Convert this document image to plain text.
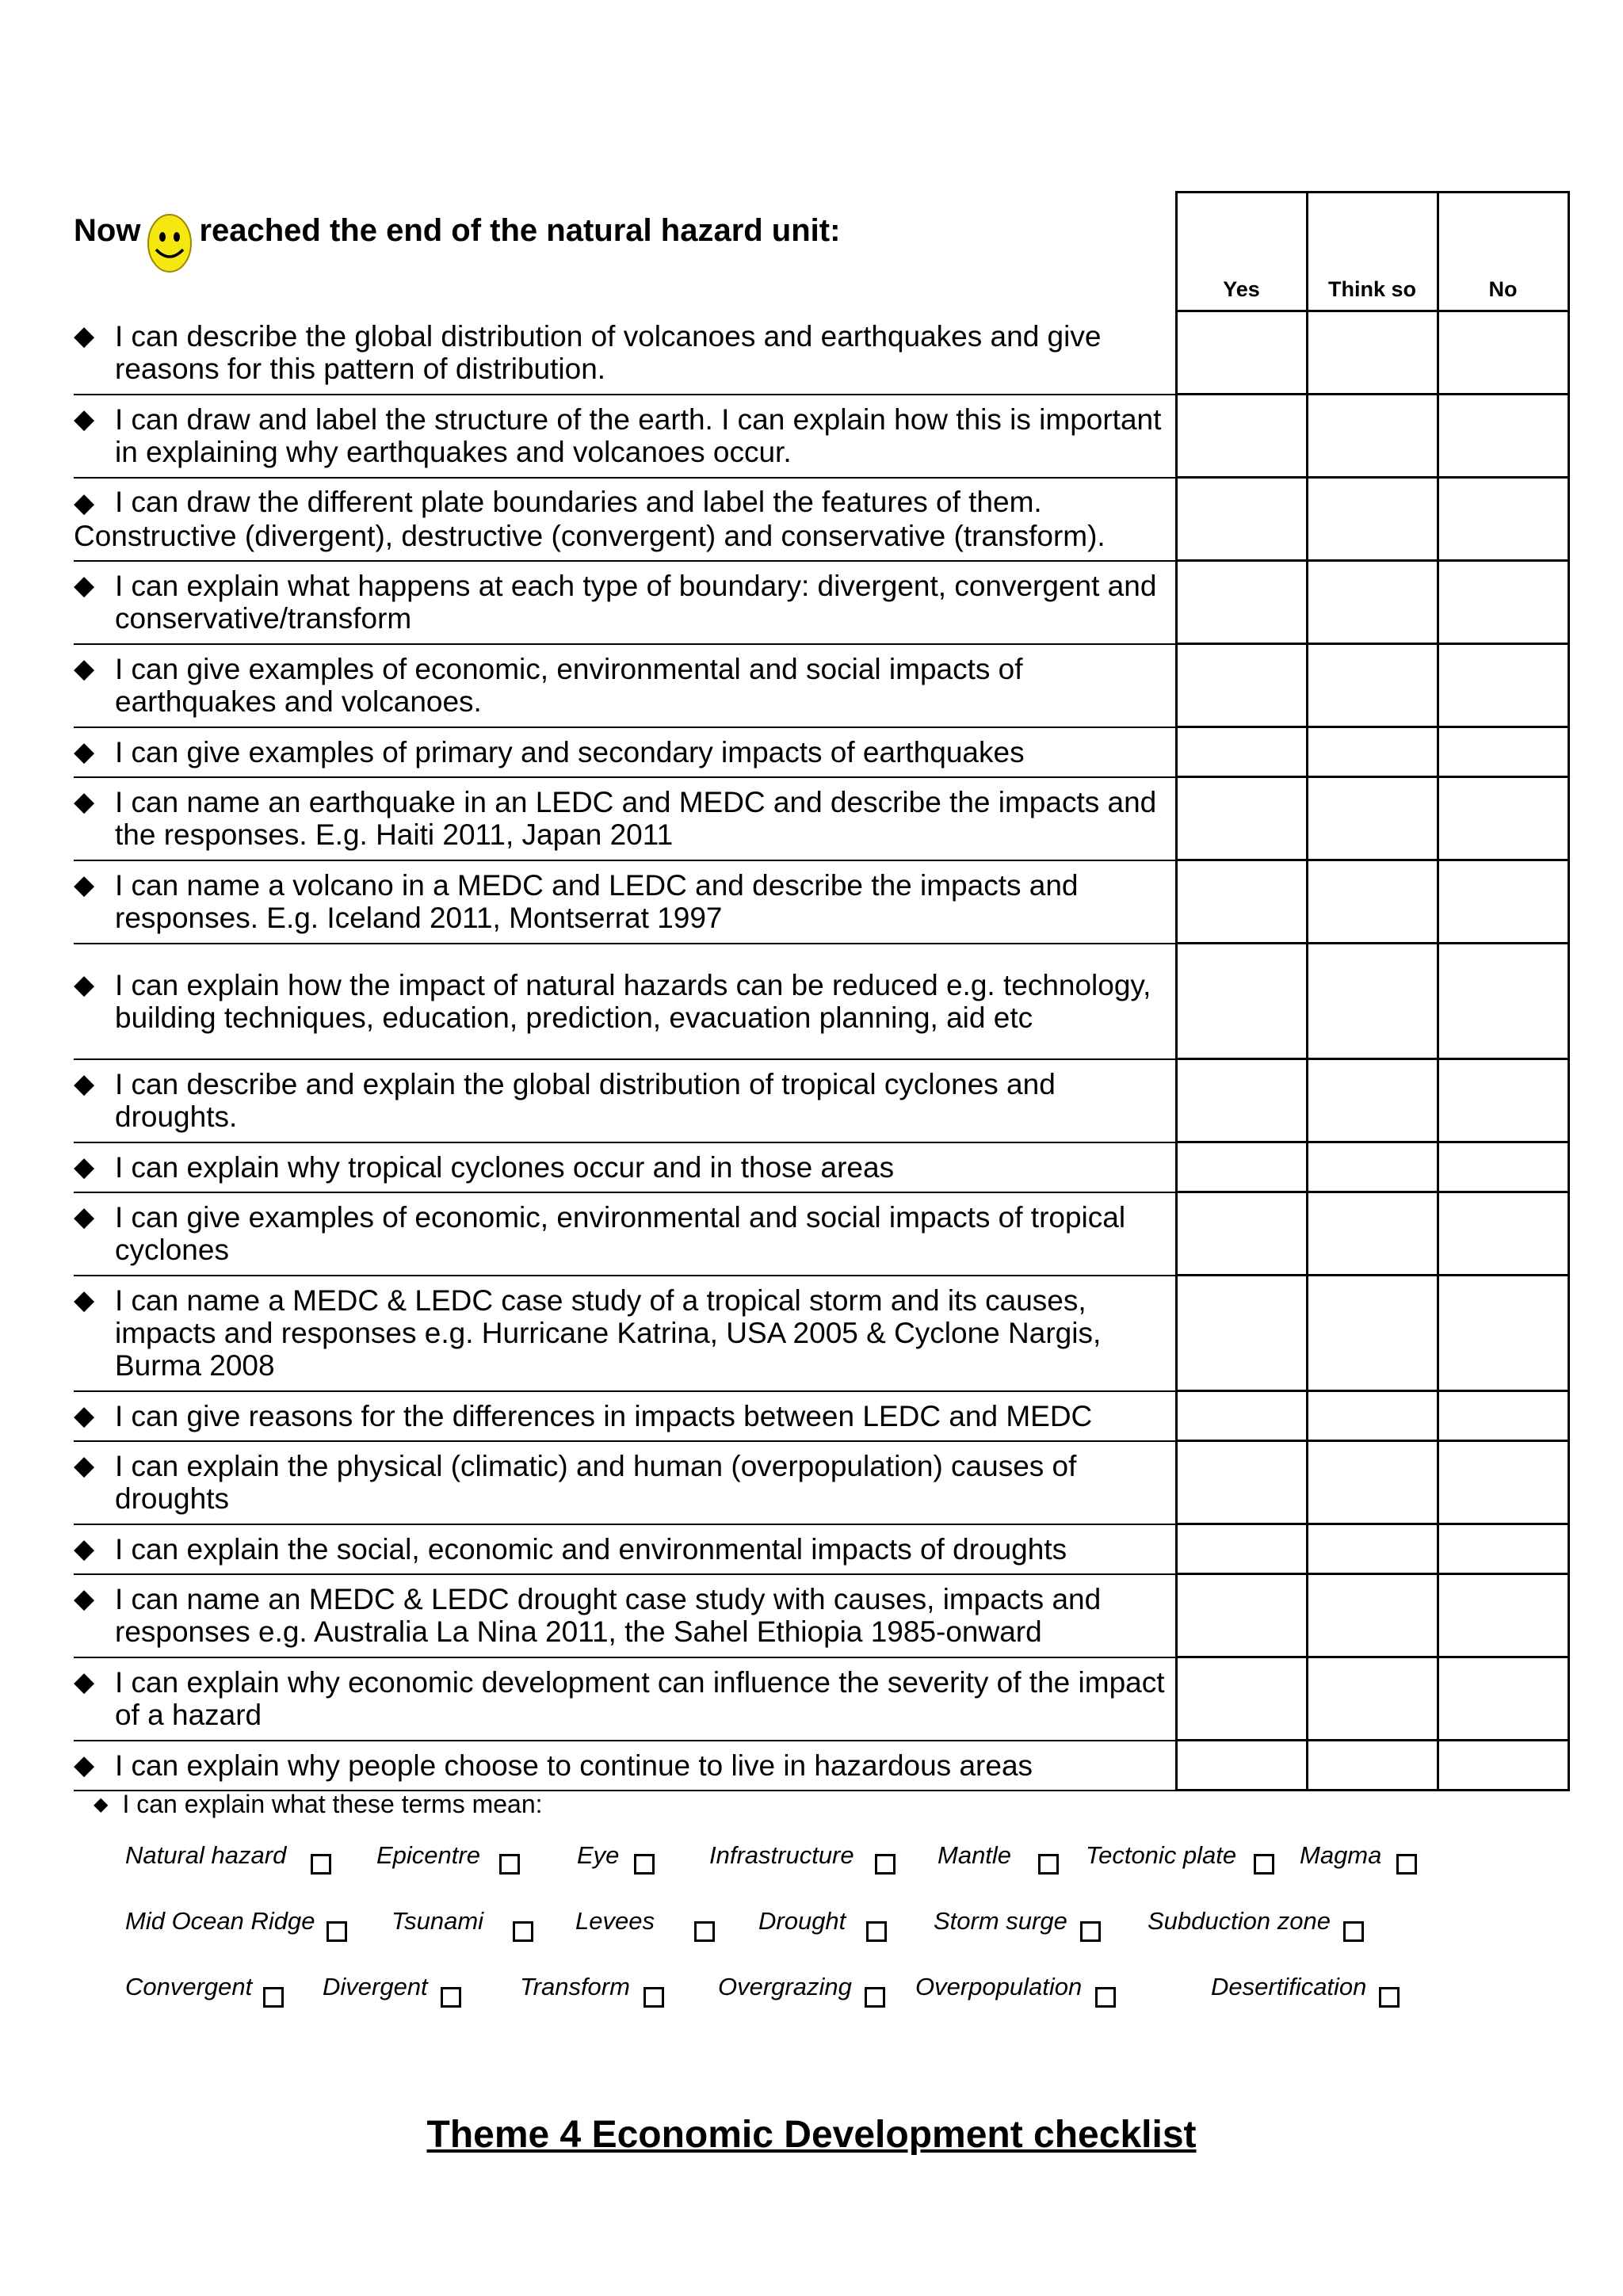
Now reached the end of the natural hazard unit:	Yes	Think so	No

◆ I can describe the global distribution of volcanoes and earthquakes and give reasons for this pattern of distribution.			

◆ I can draw and label the structure of the earth. I can explain how this is important in explaining why earthquakes and volcanoes occur.			

◆ I can draw the different plate boundaries and label the features of them. Constructive (divergent), destructive (convergent) and conservative (transform).			

◆ I can explain what happens at each type of boundary: divergent, convergent and conservative/transform			

◆ I can give examples of economic, environmental and social impacts of earthquakes and volcanoes.			

◆ I can give examples of primary and secondary impacts of earthquakes			

◆ I can name an earthquake in an LEDC and MEDC and describe the impacts and the responses. E.g. Haiti 2011, Japan 2011			

◆ I can name a volcano in a MEDC and LEDC and describe the impacts and responses. E.g. Iceland 2011, Montserrat 1997			

◆ I can explain how the impact of natural hazards can be reduced e.g. technology, building techniques, education, prediction, evacuation planning, aid etc			

◆ I can describe and explain the global distribution of tropical cyclones and droughts.			

◆ I can explain why tropical cyclones occur and in those areas			

◆ I can give examples of economic, environmental and social impacts of tropical cyclones			

◆ I can name a MEDC & LEDC case study of a tropical storm and its causes, impacts and responses e.g. Hurricane Katrina, USA 2005 & Cyclone Nargis, Burma 2008			

◆ I can give reasons for the differences in impacts between LEDC and MEDC			

◆ I can explain the physical (climatic) and human (overpopulation) causes of droughts			

◆ I can explain the social, economic and environmental impacts of droughts			

◆ I can name an MEDC & LEDC drought case study with causes, impacts and responses e.g. Australia La Nina 2011, the Sahel Ethiopia 1985-onward			

◆ I can explain why economic development can influence the severity of the impact of a hazard			

◆ I can explain why people choose to continue to live in hazardous areas			

◆ I can explain what these terms mean:
Natural hazard	Epicentre	Eye	Infrastructure	Mantle	Tectonic plate	Magma
Mid Ocean Ridge	Tsunami	Levees	Drought	Storm surge	Subduction zone
Convergent	Divergent	Transform	Overgrazing	Overpopulation	Desertification
Theme 4 Economic Development checklist
